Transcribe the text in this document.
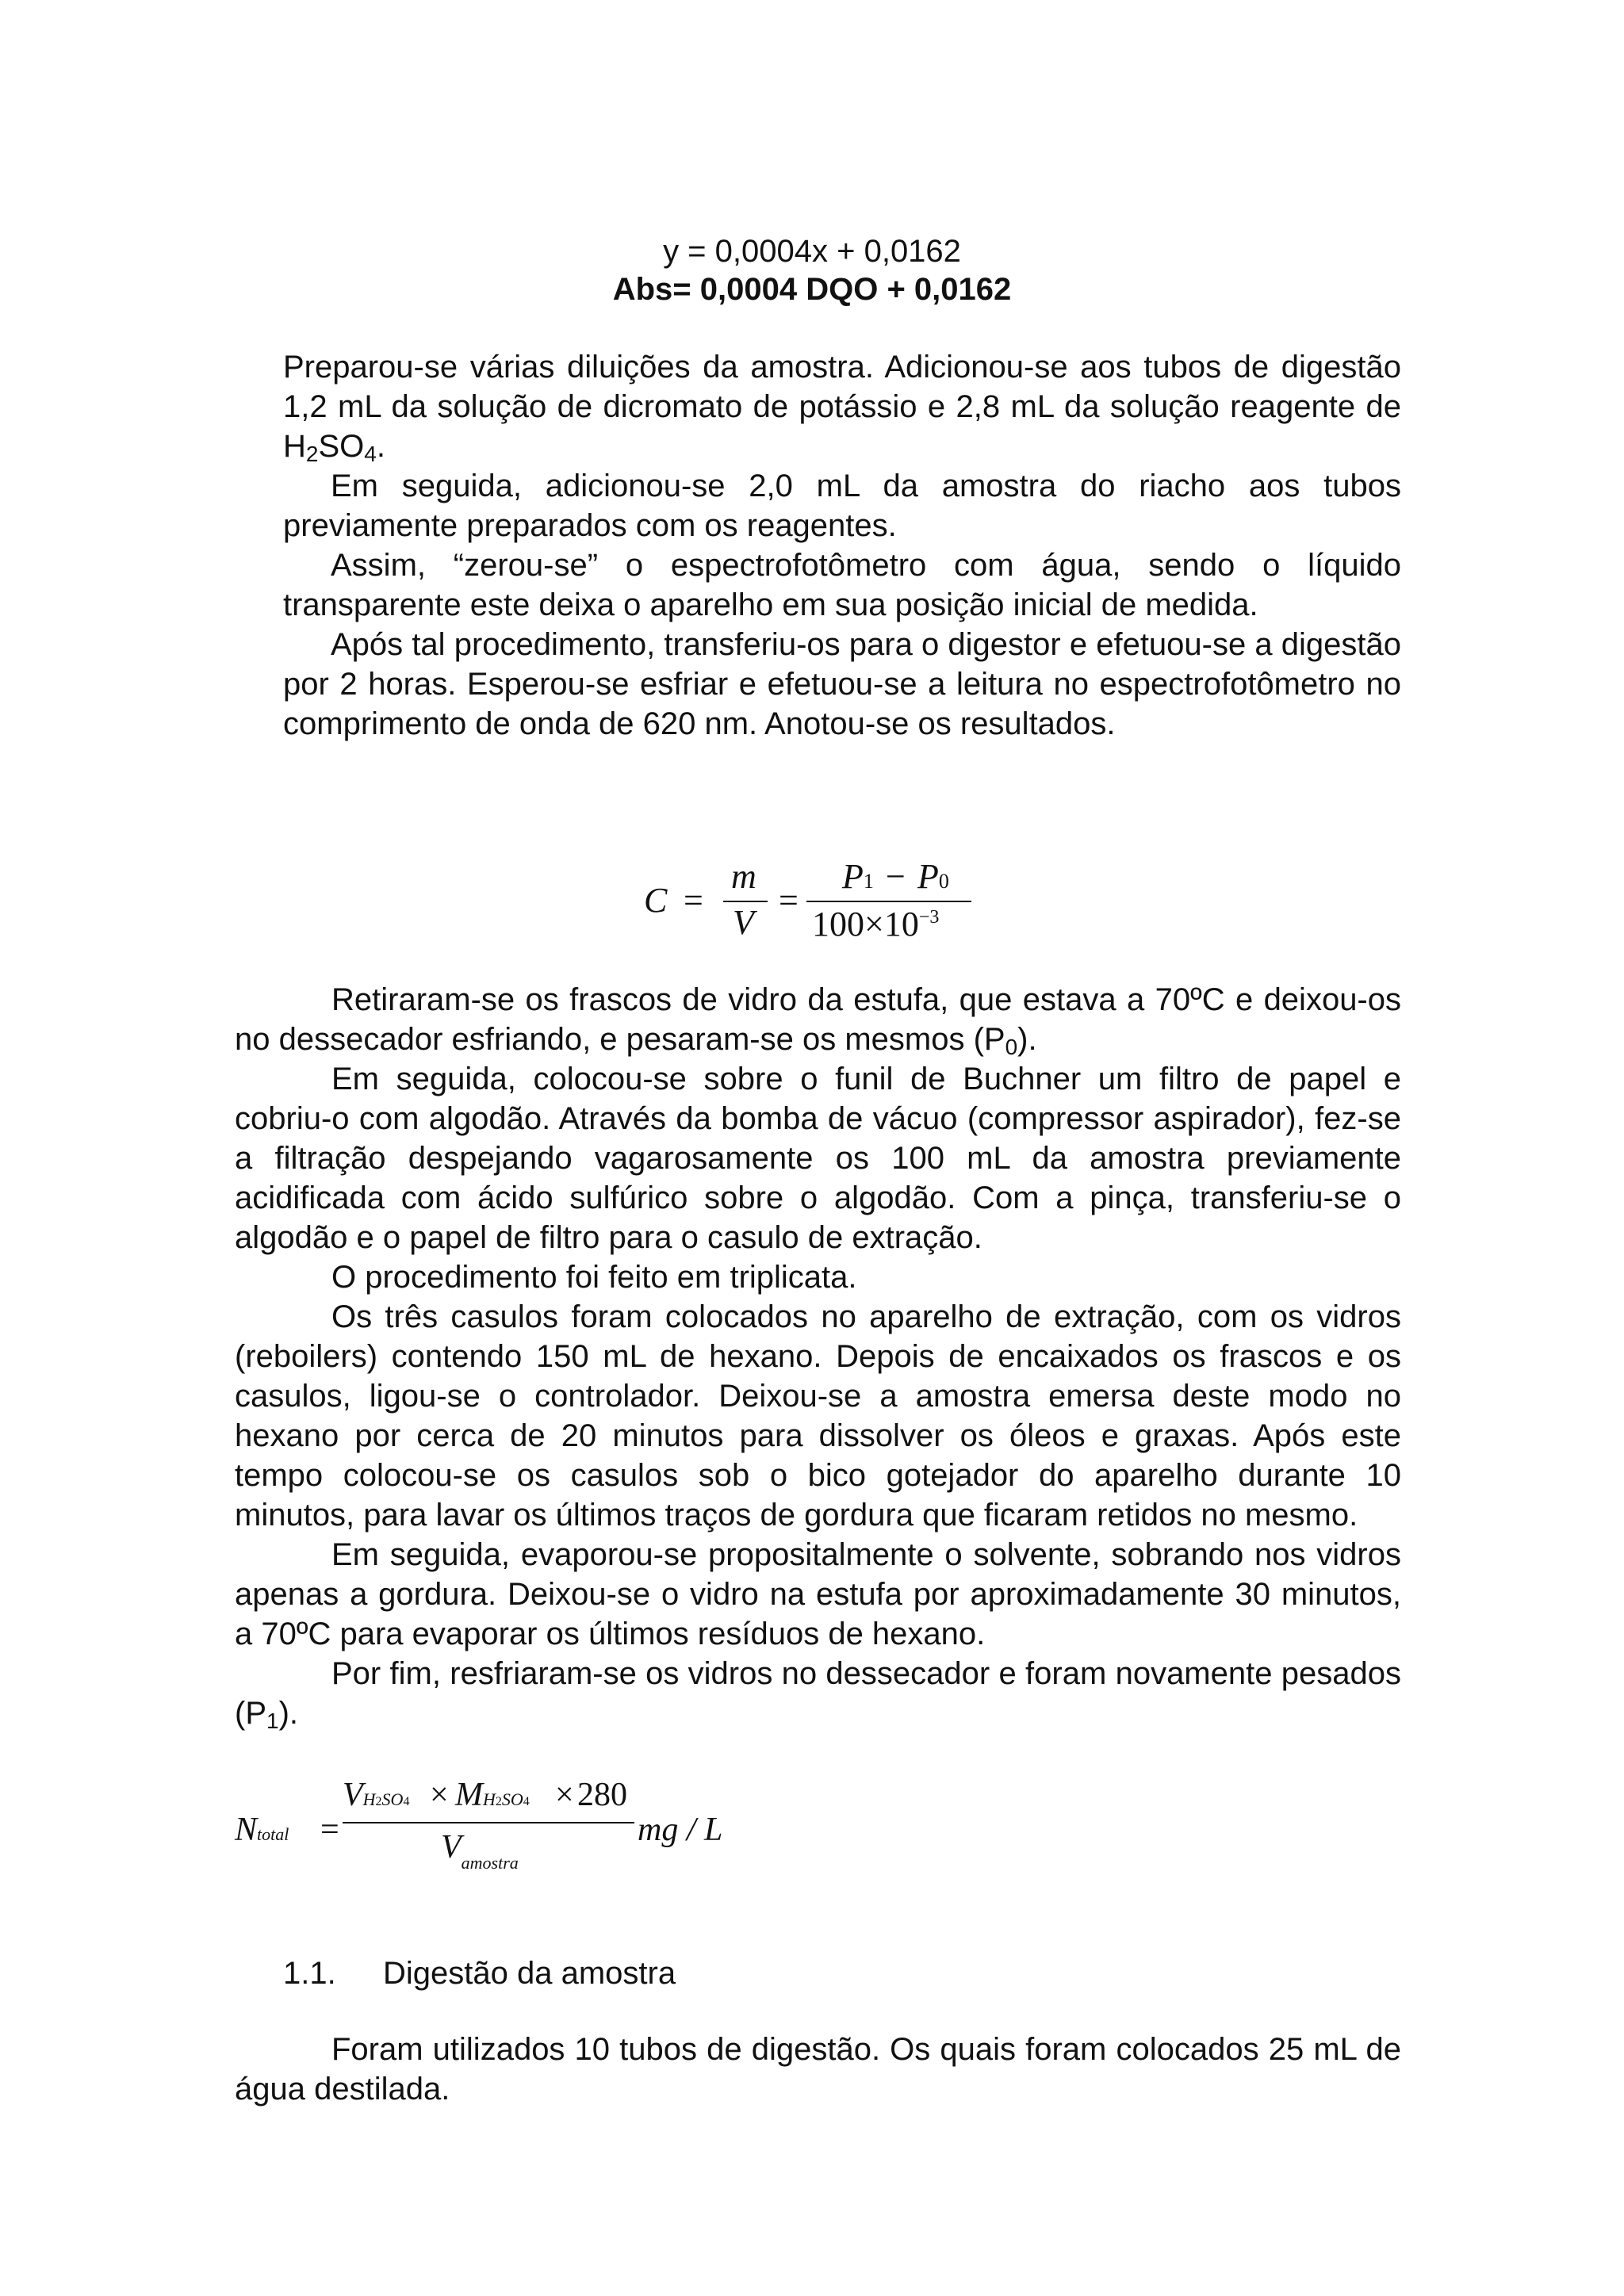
y = 0,0004x + 0,0162
Abs= 0,0004 DQO + 0,0162

Preparou-se várias diluições da amostra. Adicionou-se aos tubos de digestão 1,2 mL da solução de dicromato de potássio e 2,8 mL da solução reagente de H2SO4.

Em seguida, adicionou-se 2,0 mL da amostra do riacho aos tubos previamente preparados com os reagentes.

Assim, “zerou-se” o espectrofotômetro com água, sendo o líquido transparente este deixa o aparelho em sua posição inicial de medida.

Após tal procedimento, transferiu-os para o digestor e efetuou-se a digestão por 2 horas. Esperou-se esfriar e efetuou-se a leitura no espectrofotômetro no comprimento de onda de 620 nm. Anotou-se os resultados.

C =
m
V
=
P1 − P0
$100\times 10^{-3}$

Retiraram-se os frascos de vidro da estufa, que estava a 70ºC e deixou-os no dessecador esfriando, e pesaram-se os mesmos (P0).

Em seguida, colocou-se sobre o funil de Buchner um filtro de papel e cobriu-o com algodão. Através da bomba de vácuo (compressor aspirador), fez-se a filtração despejando vagarosamente os 100 mL da amostra previamente acidificada com ácido sulfúrico sobre o algodão. Com a pinça, transferiu-se o algodão e o papel de filtro para o casulo de extração.

O procedimento foi feito em triplicata.

Os três casulos foram colocados no aparelho de extração, com os vidros (reboilers) contendo 150 mL de hexano. Depois de encaixados os frascos e os casulos, ligou-se o controlador. Deixou-se a amostra emersa deste modo no hexano por cerca de 20 minutos para dissolver os óleos e graxas. Após este tempo colocou-se os casulos sob o bico gotejador do aparelho durante 10 minutos, para lavar os últimos traços de gordura que ficaram retidos no mesmo.

Em seguida, evaporou-se propositalmente o solvente, sobrando nos vidros apenas a gordura. Deixou-se o vidro na estufa por aproximadamente 30 minutos, a 70ºC para evaporar os últimos resíduos de hexano.

Por fim, resfriaram-se os vidros no dessecador e foram novamente pesados (P1).

Ntotal =
VH2SO4 × MH2SO4 × 280
$V_{amostra}$
mg / L
1.1. Digestão da amostra

Foram utilizados 10 tubos de digestão. Os quais foram colocados 25 mL de água destilada.
